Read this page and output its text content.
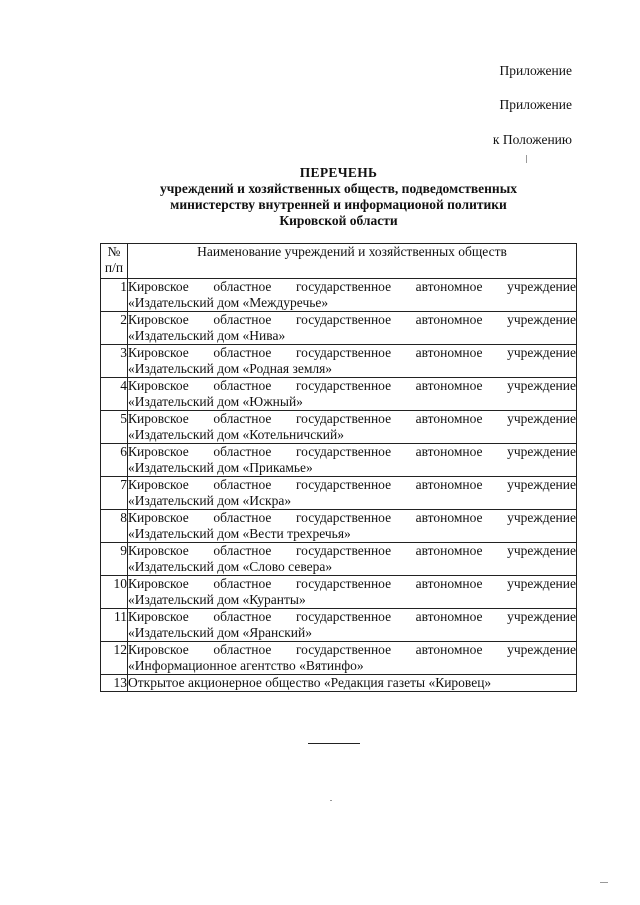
Приложение
Приложение
к Положению
ПЕРЕЧЕНЬ
учреждений и хозяйственных обществ, подведомственных
министерству внутренней и информационой политики
Кировской области
№
п/п	Наименование учреждений и хозяйственных обществ
1	Кировское областное государственное автономное учреждение
«Издательский дом «Междуречье»

2	Кировское областное государственное автономное учреждение
«Издательский дом «Нива»

3	Кировское областное государственное автономное учреждение
«Издательский дом «Родная земля»

4	Кировское областное государственное автономное учреждение
«Издательский дом «Южный»

5	Кировское областное государственное автономное учреждение
«Издательский дом «Котельничский»

6	Кировское областное государственное автономное учреждение
«Издательский дом «Прикамье»

7	Кировское областное государственное автономное учреждение
«Издательский дом «Искра»

8	Кировское областное государственное автономное учреждение
«Издательский дом «Вести трехречья»

9	Кировское областное государственное автономное учреждение
«Издательский дом «Слово севера»

10	Кировское областное государственное автономное учреждение
«Издательский дом «Куранты»

11	Кировское областное государственное автономное учреждение
«Издательский дом «Яранский»

12	Кировское областное государственное автономное учреждение
«Информационное агентство «Вятинфо»

13	Открытое акционерное общество «Редакция газеты «Кировец»
